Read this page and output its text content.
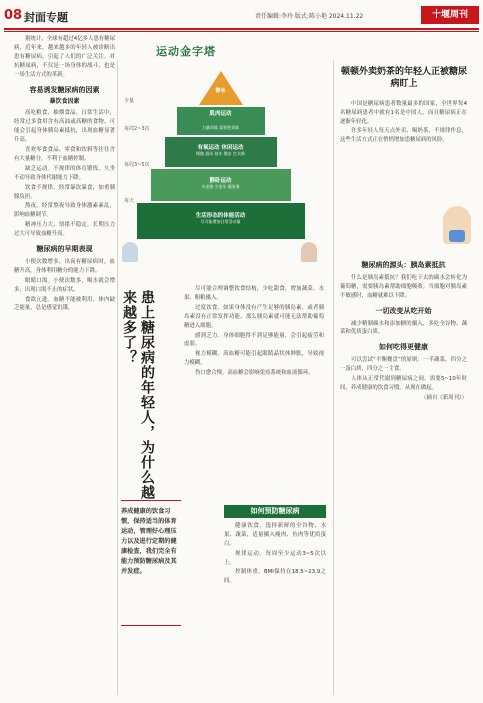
08 封面专题	责任编辑:李玲 版式:陈小艳 2024.11.22	十堰周刊

据统计，全球有超过4亿多人患有糖尿病，近年来，越来越多的年轻人被诊断出患有糖尿病，引起了人们的广泛关注。对抗糖尿病，不仅是一场身体的战斗，也是一场生活方式的革新。

容易诱发糖尿病的因素
暴饮食因素

高吃粮食、抽烟食品。日常生活中，经常过多食用含有高油或高糖的食物、可能会引起身体胰岛素抵抗，出现血糖显著升高。

喜欢零食食品。零食和饮料等往往含有大量糖分，不利于血糖控制。

缺乏运动。不规律的体育锻炼、久坐不动导致身体代谢能力下降。

饮食不规律。经常暴饮暴食，加重胰腺负担。

熬夜。经常熬夜导致身体激素紊乱，影响血糖调节。

精神压力大、情绪不稳定。长期压力过大可导致血糖升高。

糖尿病的早期表现

小便次数增多，出夜有糖尿病时，血糖升高，身体利用糖分的能力下降。

眼睛口渴。小便次数多，喝水就会增多，出现口渴不止的症状。

食欲亢进。血糖不能被利用，体内缺乏能量，总是感觉饥饿。

运动金字塔
静坐
肌肉运动
力量训练 柔韧性训练
有氧运动 休闲运动
慢跑 游泳 骑车 散步 打太极
静卧运动
多走路 少坐车 做家务
生活形态的体能活动
尽可能增加日常活动量
少量
每周2~3次
每周3~5次
每天
患上糖尿病的年轻人，为什么越来越多了？

尽可能合理调整饮食结构，少吃甜食，增加蔬菜、水果、粗粮摄入。

过度饮食。如果身体没有产生足够的胰岛素，或者胰岛素没有正常发挥功能，那么胰岛素就可能无法帮助葡萄糖进入细胞。

感到乏力。身体细胞得不到足够能量，会引起疲劳和虚弱。

视力模糊。高血糖可能引起眼睛晶状体肿胀，导致视力模糊。

伤口愈合慢。高血糖会影响免疫系统和血液循环。

养成健康的饮食习惯，保持适当的体育运动，管理好心理压力以及进行定期的健康检查，我们完全有能力预防糖尿病及其并发症。
如何预防糖尿病

健康饮食。选择新鲜的全谷物、水果、蔬菜，适量摄入瘦肉、鱼肉等优质蛋白。

规律运动。每周至少运动3~5次以上。

控制体重。BMI保持在18.5~23.9之间。

顿顿外卖奶茶的年轻人正被糖尿病盯上

中国是糖尿病患者数量最多的国家，全世界每4名糖尿病患者中就有1名是中国人，而且糖尿病正在逐渐年轻化。

许多年轻人每天点外卖、喝奶茶，不规律作息，这些生活方式正在悄悄增加患糖尿病的风险。

糖尿病的源头：胰岛素抵抗

什么是胰岛素抵抗？我们吃下去的碳水会转化为葡萄糖，需要胰岛素帮助细胞吸收。当细胞对胰岛素不敏感时，血糖就难以下降。

一切改变从吃开始

减少精制碳水和添加糖的摄入，多吃全谷物、蔬菜和优质蛋白质。

如何吃得更健康

可以尝试“平衡餐盘”的原则：一半蔬菜，四分之一蛋白质，四分之一主食。

人体从正常代谢到糖尿病之间，需要5~10年时间，养成健康的饮食习惯，从现在做起。

（摘自《新周刊》）
